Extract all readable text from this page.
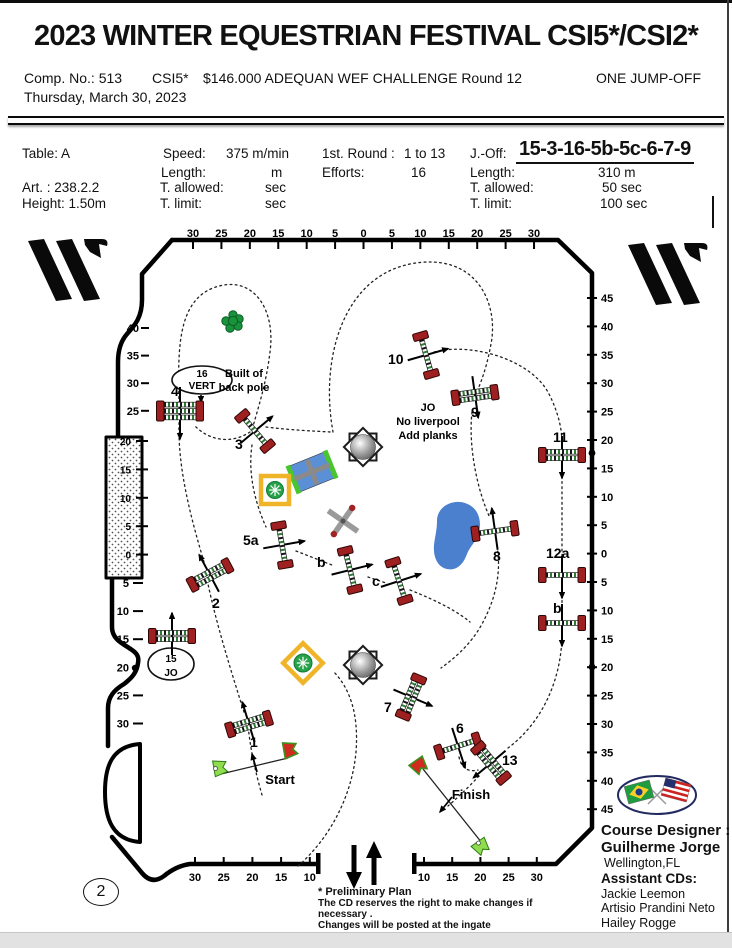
2023 WINTER EQUESTRIAN FESTIVAL CSI5*/CSI2*
Comp. No.: 513 CSI5* $146.000 ADEQUAN WEF CHALLENGE Round 12	ONE JUMP-OFF
Thursday, March 30, 2023
Table: A
Art. : 238.2.2
Height: 1.50m
Speed: 375 m/min
Length:	m
T. allowed:	sec
T. limit:	sec
1st. Round : 1 to 13
Efforts:	16
J.-Off: 15-3-16-5b-5c-6-7-9
Length:	310 m
T. allowed:	50 sec
T. limit:	100 sec
16
VERT
15
JO
Built of
back pole
JO
No liverpool
Add planks
Start
Finish
30 25 20 15 10 5 0 5 10 15 20 25 30
40
35
30
25
20
15
10
5
0
5
10
15
20
25
30
45
40
35
30
25
20
15
10
5
0
5
10
15
20
25
30
35
40
45
30 25 20 15 10	10 15 20 25 30
1
2
3
4
5a
b
c
6
7
8
9
10
11
12a
b
13
Course Designer :
Guilherme Jorge
Wellington,FL
Assistant CDs:
Jackie Leemon
Artisio Prandini Neto
Hailey Rogge
* Preliminary Plan
The CD reserves the right to make changes if necessary .
Changes will be posted at the ingate
2
